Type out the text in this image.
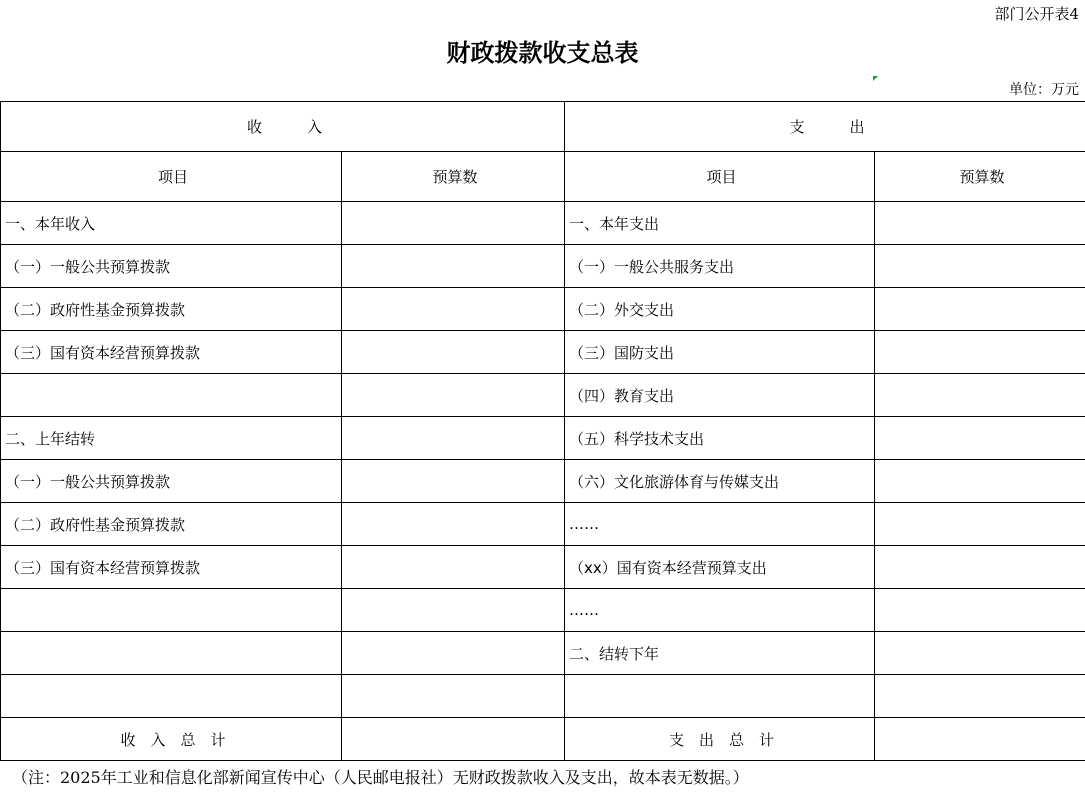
部门公开表4
财政拨款收支总表
单位：万元
收　　　入		支　　　出	
项目	预算数	项目	预算数
一、本年收入		一、本年支出	
（一）一般公共预算拨款		（一）一般公共服务支出	
（二）政府性基金预算拨款		（二）外交支出	
（三）国有资本经营预算拨款		（三）国防支出	
		（四）教育支出	
二、上年结转		（五）科学技术支出	
（一）一般公共预算拨款		（六）文化旅游体育与传媒支出	
（二）政府性基金预算拨款		……	
（三）国有资本经营预算拨款		（xx）国有资本经营预算支出	
		……	
		二、结转下年	

收　入　总　计		支　出　总　计	
（注：2025年工业和信息化部新闻宣传中心（人民邮电报社）无财政拨款收入及支出，故本表无数据。）
